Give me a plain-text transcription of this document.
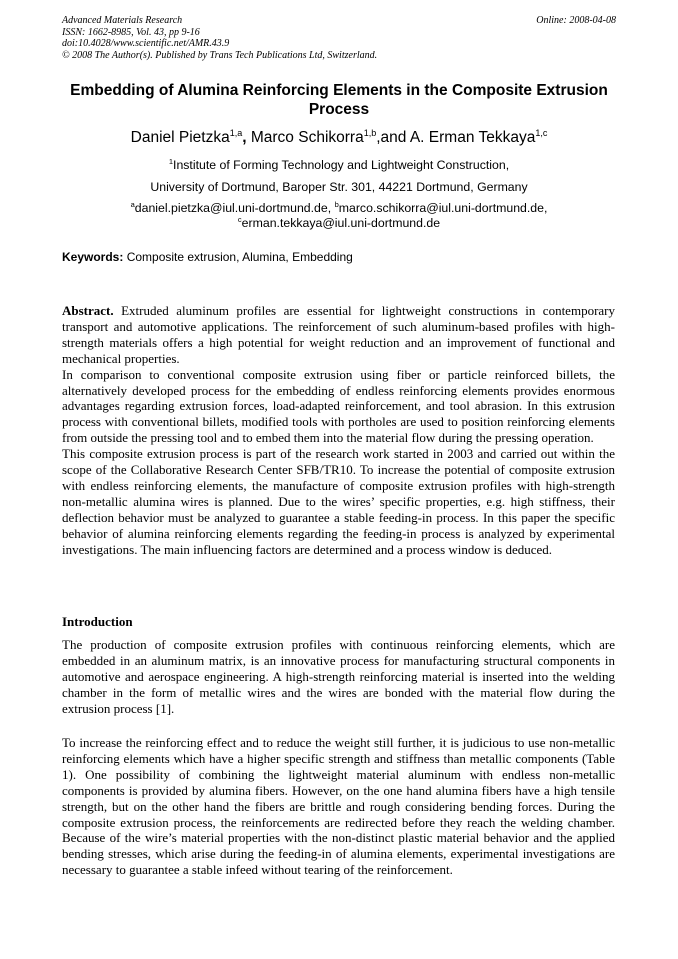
Advanced Materials Research
ISSN: 1662-8985, Vol. 43, pp 9-16
doi:10.4028/www.scientific.net/AMR.43.9
© 2008 The Author(s). Published by Trans Tech Publications Ltd, Switzerland.
Online: 2008-04-08
Embedding of Alumina Reinforcing Elements in the Composite Extrusion Process
Daniel Pietzka$^{1,a}$, Marco Schikorra$^{1,b}$,and A. Erman Tekkaya$^{1,c}$
$^1$Institute of Forming Technology and Lightweight Construction,
University of Dortmund, Baroper Str. 301, 44221 Dortmund, Germany
$^a$daniel.pietzka@iul.uni-dortmund.de, $^b$marco.schikorra@iul.uni-dortmund.de,
$^c$erman.tekkaya@iul.uni-dortmund.de
Keywords: Composite extrusion, Alumina, Embedding

Abstract. Extruded aluminum profiles are essential for lightweight constructions in contemporary transport and automotive applications. The reinforcement of such aluminum-based profiles with high-strength materials offers a high potential for weight reduction and an improvement of functional and mechanical properties.

In comparison to conventional composite extrusion using fiber or particle reinforced billets, the alternatively developed process for the embedding of endless reinforcing elements provides enormous advantages regarding extrusion forces, load-adapted reinforcement, and tool abrasion. In this extrusion process with conventional billets, modified tools with portholes are used to position reinforcing elements from outside the pressing tool and to embed them into the material flow during the pressing operation.

This composite extrusion process is part of the research work started in 2003 and carried out within the scope of the Collaborative Research Center SFB/TR10. To increase the potential of composite extrusion with endless reinforcing elements, the manufacture of composite extrusion profiles with high-strength non-metallic alumina wires is planned. Due to the wires’ specific properties, e.g. high stiffness, their deflection behavior must be analyzed to guarantee a stable feeding-in process. In this paper the specific behavior of alumina reinforcing elements regarding the feeding-in process is analyzed by experimental investigations. The main influencing factors are determined and a process window is deduced.

Introduction
The production of composite extrusion profiles with continuous reinforcing elements, which are embedded in an aluminum matrix, is an innovative process for manufacturing structural components in automotive and aerospace engineering. A high-strength reinforcing material is inserted into the welding chamber in the form of metallic wires and the wires are bonded with the material flow during the extrusion process [1].
To increase the reinforcing effect and to reduce the weight still further, it is judicious to use non-metallic reinforcing elements which have a higher specific strength and stiffness than metallic components (Table 1). One possibility of combining the lightweight material aluminum with endless non-metallic components is provided by alumina fibers. However, on the one hand alumina fibers have a high tensile strength, but on the other hand the fibers are brittle and rough considering bending forces. During the composite extrusion process, the reinforcements are redirected before they reach the welding chamber. Because of the wire’s material properties with the non-distinct plastic material behavior and the applied bending stresses, which arise during the feeding-in of alumina elements, experimental investigations are necessary to guarantee a stable infeed without tearing of the reinforcement.
